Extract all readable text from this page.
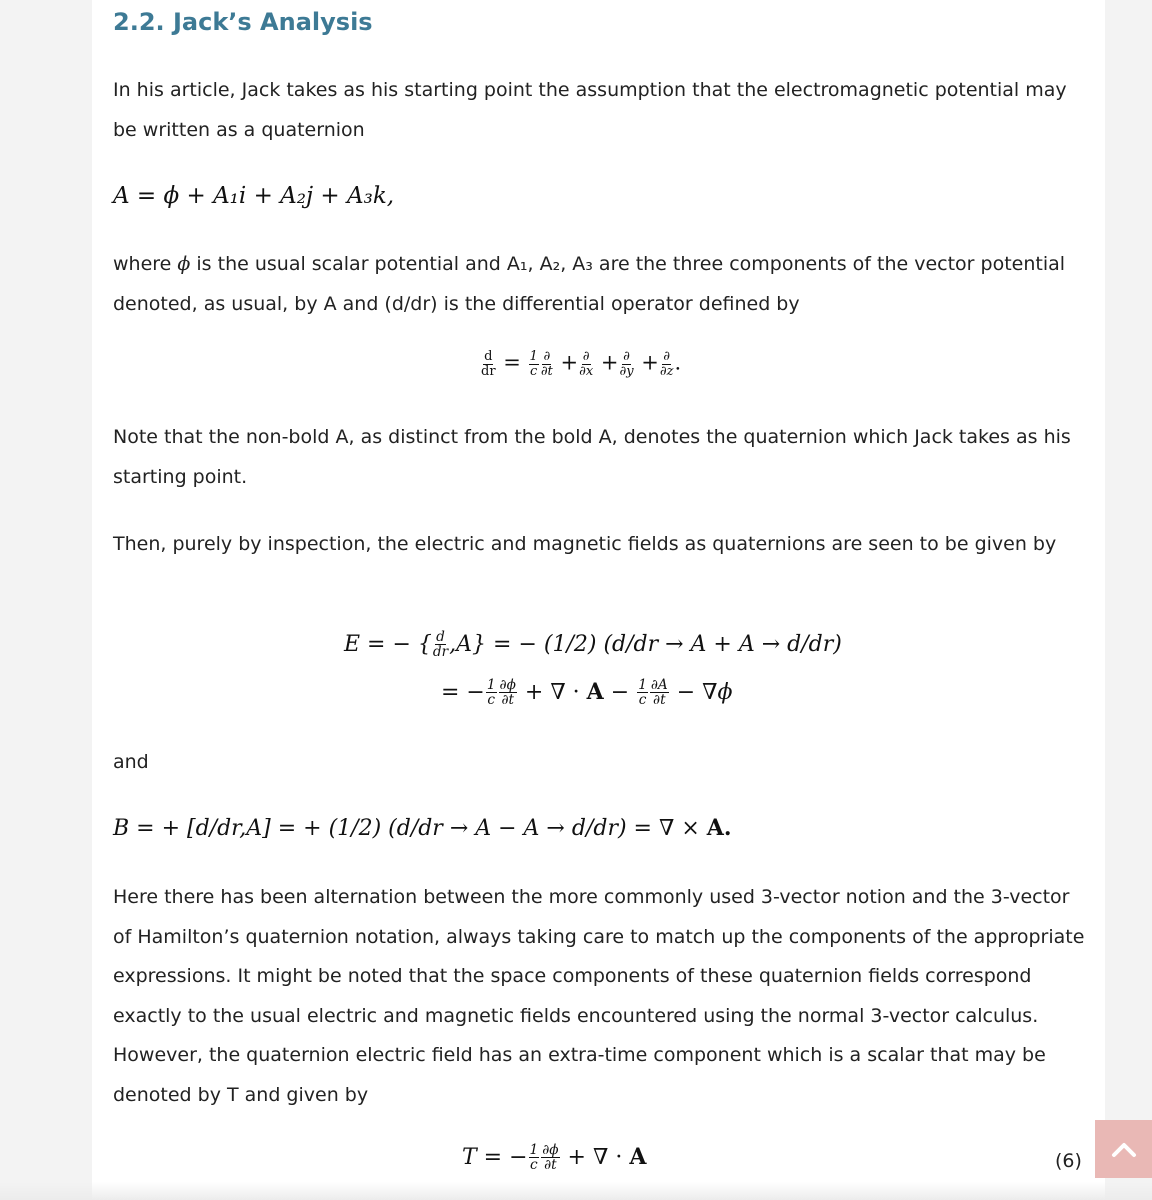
2.2. Jack’s Analysis

In his article, Jack takes as his starting point the assumption that the electromagnetic potential may be written as a quaternion

A = ϕ + A₁i + A₂j + A₃k,

where ϕ is the usual scalar potential and A₁, A₂, A₃ are the three components of the vector potential denoted, as usual, by A and (d/dr) is the differential operator defined by

$\frac{d}{dr} = \frac{1}{c}$ ∂
∂t + ∂
∂x + ∂
∂y + ∂
∂z .

Note that the non-bold A, as distinct from the bold A, denotes the quaternion which Jack takes as his starting point.

Then, purely by inspection, the electric and magnetic fields as quaternions are seen to be given by

E = − { $\frac{d}{dr} ,A$} = − (1/2) (d/dr → A + A → d/dr)
= − $\frac{1}{c} \frac{\partial\phi}{\partial t}$ + ∇ · $A - \frac{1}{c} \frac{\partial A}{\partial t} - \nabla\phi$

and

B = + [d/dr,A] = + (1/2) (d/dr → A − A → d/dr) = ∇ × A.

Here there has been alternation between the more commonly used 3-vector notion and the 3-vector of Hamilton’s quaternion notation, always taking care to match up the components of the appropriate expressions. It might be noted that the space components of these quaternion fields correspond exactly to the usual electric and magnetic fields encountered using the normal 3-vector calculus. However, the quaternion electric field has an extra-time component which is a scalar that may be denoted by T and given by

T = − $\frac{1}{c} \frac{\partial\phi}{\partial t}$ + ∇ · A	(6)
